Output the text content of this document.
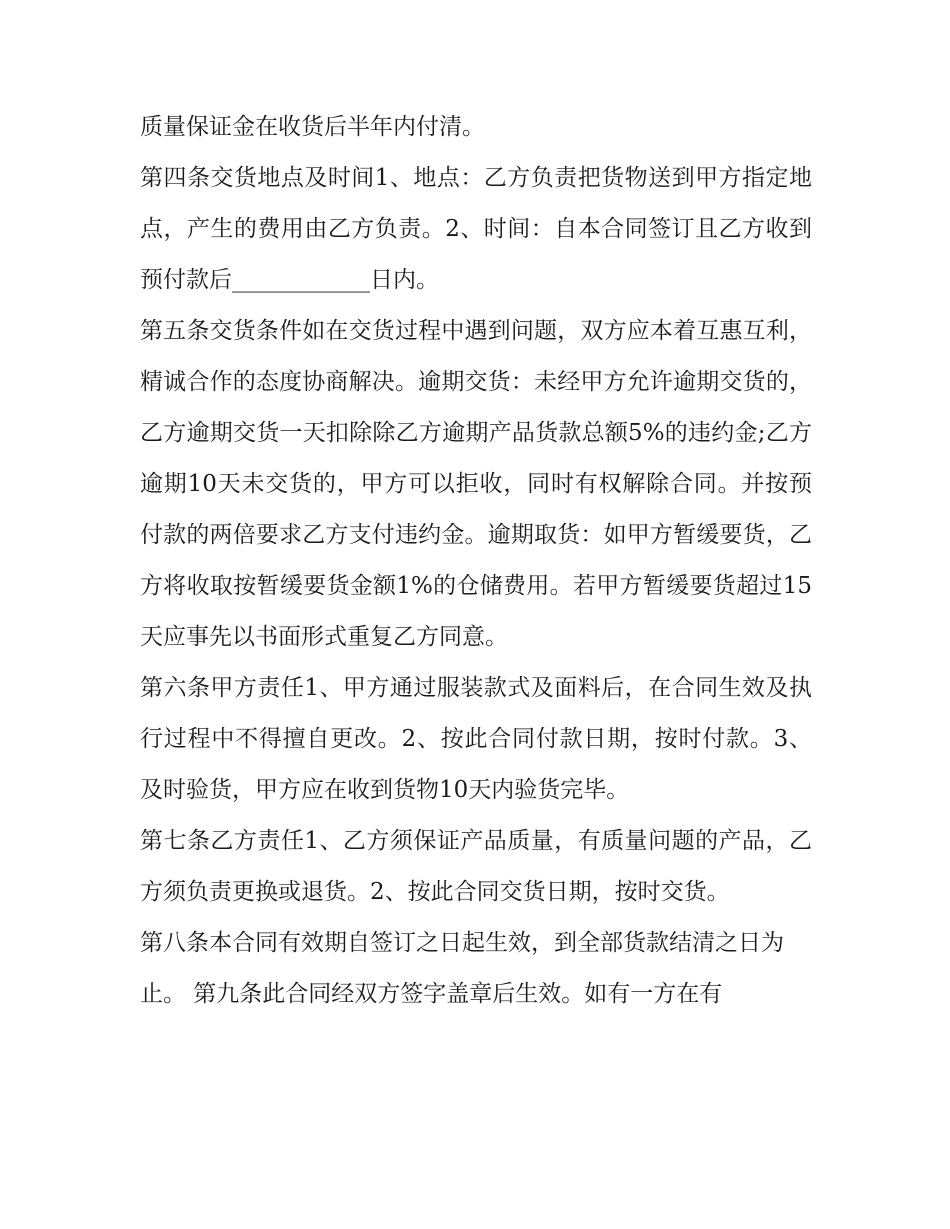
质量保证金在收货后半年内付清。

第四条交货地点及时间1、地点：乙方负责把货物送到甲方指定地点，产生的费用由乙方负责。2、时间：自本合同签订且乙方收到预付款后____________日内。

第五条交货条件如在交货过程中遇到问题，双方应本着互惠互利，精诚合作的态度协商解决。逾期交货：未经甲方允许逾期交货的，乙方逾期交货一天扣除除乙方逾期产品货款总额5%的违约金;乙方逾期10天未交货的，甲方可以拒收，同时有权解除合同。并按预付款的两倍要求乙方支付违约金。逾期取货：如甲方暂缓要货，乙方将收取按暂缓要货金额1%的仓储费用。若甲方暂缓要货超过15天应事先以书面形式重复乙方同意。

第六条甲方责任1、甲方通过服装款式及面料后，在合同生效及执行过程中不得擅自更改。2、按此合同付款日期，按时付款。3、及时验货，甲方应在收到货物10天内验货完毕。

第七条乙方责任1、乙方须保证产品质量，有质量问题的产品，乙方须负责更换或退货。2、按此合同交货日期，按时交货。

第八条本合同有效期自签订之日起生效，到全部货款结清之日为止。 第九条此合同经双方签字盖章后生效。如有一方在有
